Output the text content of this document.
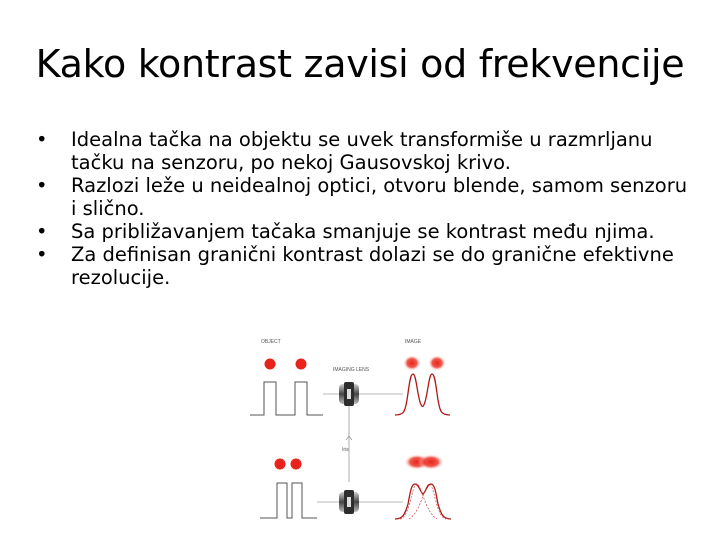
Kako kontrast zavisi od frekvencije
• Idealna tačka na objektu se uvek transformiše u razmrljanu tačku na senzoru, po nekoj Gausovskoj krivo.
• Razlozi leže u neidealnoj optici, otvoru blende, samom senzoru i slično.
• Sa približavanjem tačaka smanjuje se kontrast među njima.
• Za definisan granični kontrast dolazi se do granične efektivne rezolucije.
OBJECT	IMAGE
IMAGING LENS
Iris
